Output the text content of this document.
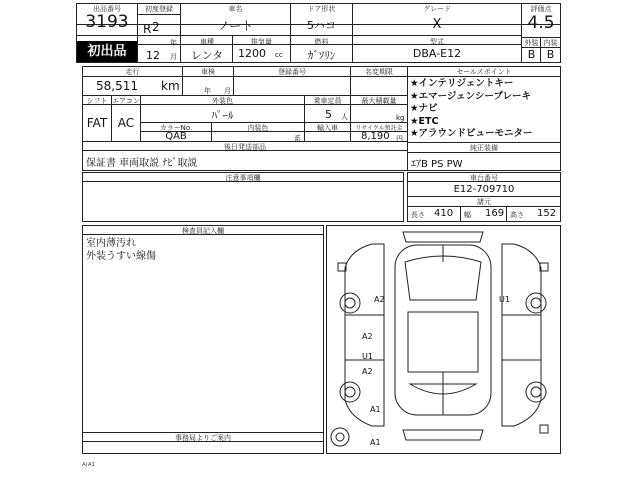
出品番号
3193
初出品
初度登録
R 2
年
12 月
車名
ノート
ドア形状
5ハコ
グレード
X
評価点
4.5
車種
レンタ
排気量
1200 cc
燃料
ｶﾞｿﾘﾝ
型式
DBA-E12
外装
B
内装
B
走行
58,511 km
車検
年 月
登録番号	名変期限	セールスポイント
★インテリジェントキー
★エマージェンシーブレーキ
★ナビ
★ETC
★アラウンドビューモニター
シフト
FAT
エアコン
AC
外装色
ﾊﾟｰﾙ
乗車定員
5 人
最大積載量
kg
カラーNo.
QAB
内装色
系
輸入車	リサイクル預託金
8,190 円
後日発送部品
保証書 車両取説 ﾅﾋﾞ取説
純正装備
ｴｱB PS PW
注意事項欄	車台番号
E12-709710
諸元
長さ 410 幅 169 高さ 152
検査員記入欄
室内薄汚れ
外装うすい線傷
事務局よりご案内
A2	U1
A2
U1
A2
A1
A1
A(A1
